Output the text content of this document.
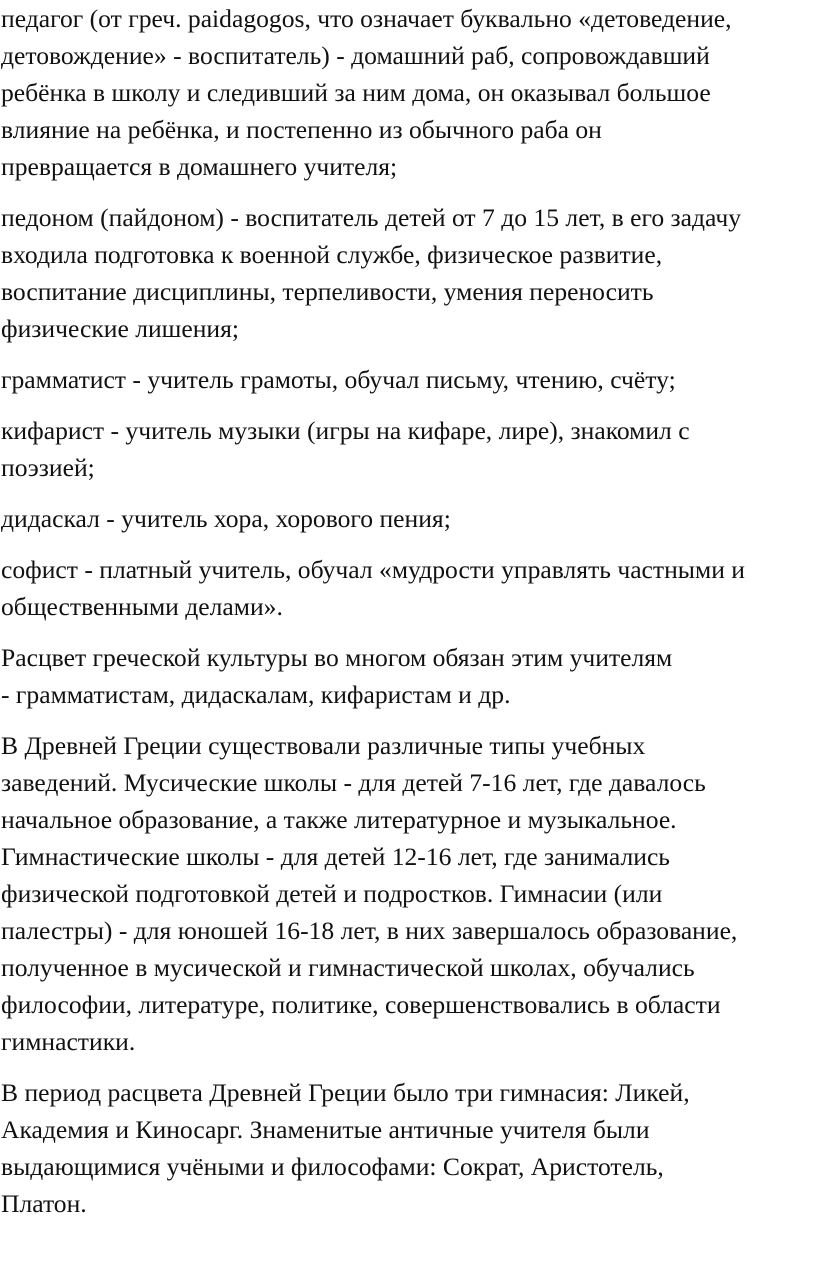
педагог (от греч. paidagogos, что означает буквально «детоведение,
детовождение» - воспитатель) - домашний раб, сопровождавший
ребёнка в школу и следивший за ним дома, он оказывал большое
влияние на ребёнка, и постепенно из обычного раба он
превращается в домашнего учителя;

педоном (пайдоном) - воспитатель детей от 7 до 15 лет, в его задачу
входила подготовка к военной службе, физическое развитие,
воспитание дисциплины, терпеливости, умения переносить
физические лишения;

грамматист - учитель грамоты, обучал письму, чтению, счёту;

кифарист - учитель музыки (игры на кифаре, лире), знакомил с
поэзией;

дидаскал - учитель хора, хорового пения;

софист - платный учитель, обучал «мудрости управлять частными и
общественными делами».

Расцвет греческой культуры во многом обязан этим учителям
- грамматистам, дидаскалам, кифаристам и др.

В Древней Греции существовали различные типы учебных
заведений. Мусические школы - для детей 7-16 лет, где давалось
начальное образование, а также литературное и музыкальное.
Гимнастические школы - для детей 12-16 лет, где занимались
физической подготовкой детей и подростков. Гимнасии (или
палестры) - для юношей 16-18 лет, в них завершалось образование,
полученное в мусической и гимнастической школах, обучались
философии, литературе, политике, совершенствовались в области
гимнастики.

В период расцвета Древней Греции было три гимнасия: Ликей,
Академия и Киносарг. Знаменитые античные учителя были
выдающимися учёными и философами: Сократ, Аристотель,
Платон.
